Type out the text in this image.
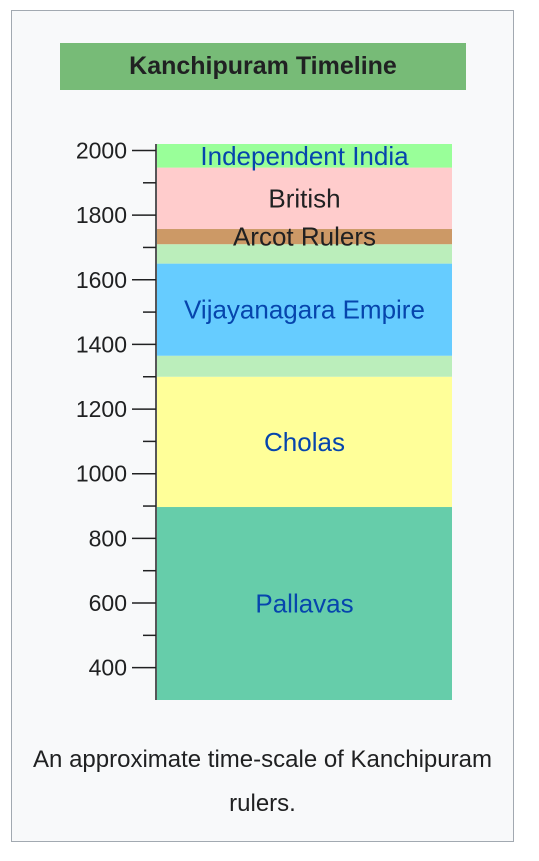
Kanchipuram Timeline
Pallavas
Cholas
Vijayanagara Empire
Arcot Rulers
British
Independent India
400
600
800
1000
1200
1400
1600
1800
2000
An approximate time-scale of Kanchipuram rulers.
